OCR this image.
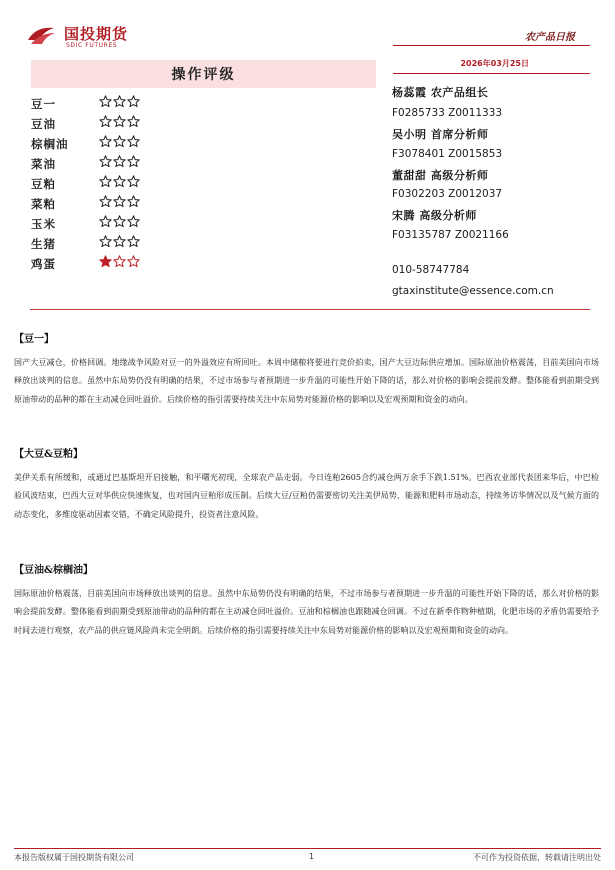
国投期货
SDIC FUTURES
农产品日报
2026年03月25日
操作评级
豆一
豆油
棕榈油
菜油
豆粕
菜粕
玉米
生猪
鸡蛋
杨蕊霞 农产品组长
F0285733 Z0011333
吴小明 首席分析师
F3078401 Z0015853
董甜甜 高级分析师
F0302203 Z0012037
宋腾 高级分析师
F03135787 Z0021166
010-58747784
gtaxinstitute@essence.com.cn
【豆一】
国产大豆减仓，价格回调。地缘战争风险对豆一的外溢效应有所回吐。本周中储粮将要进行竞价拍卖，国产大豆边际供应增加。国际原油价格震荡，目前美国向市场释放出谈判的信息。虽然中东局势仍没有明确的结果，不过市场参与者预期进一步升温的可能性开始下降的话，那么对价格的影响会提前发酵。整体能看到前期受到原油带动的品种的都在主动减仓回吐溢价。后续价格的指引需要持续关注中东局势对能源价格的影响以及宏观预期和资金的动向。
【大豆&豆粕】
美伊关系有所缓和，或通过巴基斯坦开启接触，和平曙光初现，全球农产品走弱。今日连粕2605合约减仓两万余手下跌1.51%。巴西农业部代表团来华后，中巴检验风波结束，巴西大豆对华供应快速恢复，也对国内豆粕形成压制。后续大豆/豆粕仍需要密切关注美伊局势，能源和肥料市场动态，持续务访华情况以及气候方面的动态变化，多维度驱动因素交错，不确定风险提升，投资者注意风险。
【豆油&棕榈油】
国际原油价格震荡，目前美国向市场释放出谈判的信息。虽然中东局势仍没有明确的结果，不过市场参与者预期进一步升温的可能性开始下降的话，那么对价格的影响会提前发酵。整体能看到前期受到原油带动的品种的都在主动减仓回吐溢价。豆油和棕榈油也跟随减仓回调。不过在新季作物种植期，化肥市场的矛盾仍需要给予时间去进行观察，农产品的供应链风险尚未完全明朗。后续价格的指引需要持续关注中东局势对能源价格的影响以及宏观预期和资金的动向。
本报告版权属于国投期货有限公司	1	不可作为投资依据，转载请注明出处
